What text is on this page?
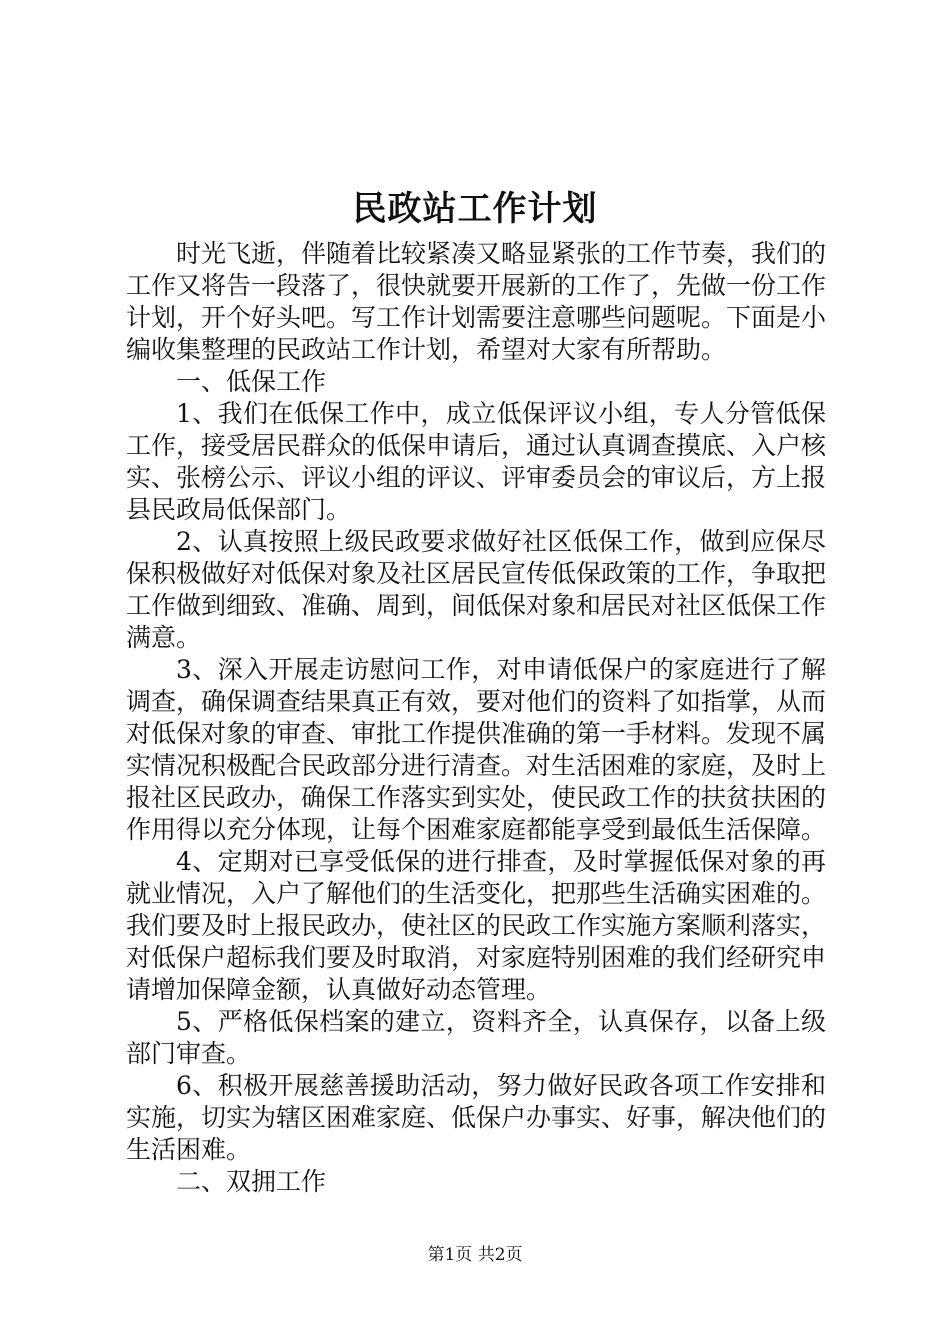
民政站工作计划

时光飞逝，伴随着比较紧凑又略显紧张的工作节奏，我们的工作又将告一段落了，很快就要开展新的工作了，先做一份工作计划，开个好头吧。写工作计划需要注意哪些问题呢。下面是小编收集整理的民政站工作计划，希望对大家有所帮助。

一、低保工作

1、我们在低保工作中，成立低保评议小组，专人分管低保工作，接受居民群众的低保申请后，通过认真调查摸底、入户核实、张榜公示、评议小组的评议、评审委员会的审议后，方上报县民政局低保部门。

2、认真按照上级民政要求做好社区低保工作，做到应保尽保积极做好对低保对象及社区居民宣传低保政策的工作，争取把工作做到细致、准确、周到，间低保对象和居民对社区低保工作满意。

3、深入开展走访慰问工作，对申请低保户的家庭进行了解调查，确保调查结果真正有效，要对他们的资料了如指掌，从而对低保对象的审查、审批工作提供准确的第一手材料。发现不属实情况积极配合民政部分进行清查。对生活困难的家庭，及时上报社区民政办，确保工作落实到实处，使民政工作的扶贫扶困的作用得以充分体现，让每个困难家庭都能享受到最低生活保障。

4、定期对已享受低保的进行排查，及时掌握低保对象的再就业情况，入户了解他们的生活变化，把那些生活确实困难的。我们要及时上报民政办，使社区的民政工作实施方案顺利落实，对低保户超标我们要及时取消，对家庭特别困难的我们经研究申请增加保障金额，认真做好动态管理。

5、严格低保档案的建立，资料齐全，认真保存，以备上级部门审查。

6、积极开展慈善援助活动，努力做好民政各项工作安排和实施，切实为辖区困难家庭、低保户办事实、好事，解决他们的生活困难。

二、双拥工作

第1页 共2页
